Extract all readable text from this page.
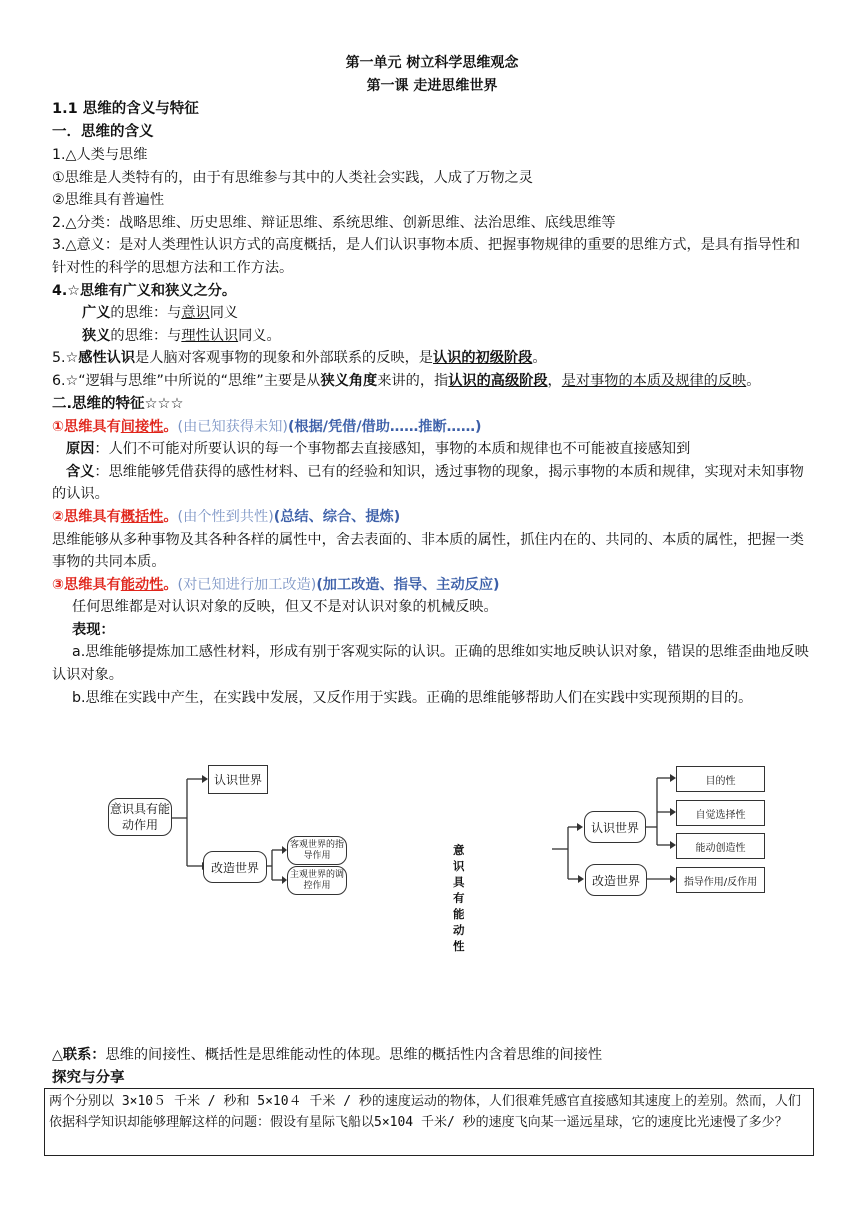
第一单元 树立科学思维观念
第一课 走进思维世界
1.1 思维的含义与特征
一．思维的含义
1.△人类与思维
①思维是人类特有的，由于有思维参与其中的人类社会实践，人成了万物之灵
②思维具有普遍性
2.△分类：战略思维、历史思维、辩证思维、系统思维、创新思维、法治思维、底线思维等
3.△意义：是对人类理性认识方式的高度概括，是人们认识事物本质、把握事物规律的重要的思维方式，是具有指导性和针对性的科学的思想方法和工作方法。
4.☆思维有广义和狭义之分。
广义的思维：与意识同义
狭义的思维：与理性认识同义。
5.☆感性认识是人脑对客观事物的现象和外部联系的反映，是认识的初级阶段。
6.☆“逻辑与思维”中所说的“思维”主要是从狭义角度来讲的，指认识的高级阶段，是对事物的本质及规律的反映。
二.思维的特征☆☆☆
①思维具有间接性。(由已知获得未知)(根据/凭借/借助……推断……)
原因：人们不可能对所要认识的每一个事物都去直接感知，事物的本质和规律也不可能被直接感知到
含义：思维能够凭借获得的感性材料、已有的经验和知识，透过事物的现象，揭示事物的本质和规律，实现对未知事物的认识。
②思维具有概括性。(由个性到共性)(总结、综合、提炼)
思维能够从多种事物及其各种各样的属性中，舍去表面的、非本质的属性，抓住内在的、共同的、本质的属性，把握一类事物的共同本质。
③思维具有能动性。(对已知进行加工改造)(加工改造、指导、主动反应)
任何思维都是对认识对象的反映，但又不是对认识对象的机械反映。
表现：
a.思维能够提炼加工感性材料，形成有别于客观实际的认识。正确的思维如实地反映认识对象，错误的思维歪曲地反映认识对象。
b.思维在实践中产生，在实践中发展，又反作用于实践。正确的思维能够帮助人们在实践中实现预期的目的。
意识具有能动作用
认识世界
改造世界
客观世界的指导作用
主观世界的调控作用
意识具有能动性
认识世界
改造世界
目的性
自觉选择性
能动创造性
指导作用/反作用
△联系：思维的间接性、概括性是思维能动性的体现。思维的概括性内含着思维的间接性
探究与分享
两个分别以 3×10５ 千米 / 秒和 5×10４ 千米 / 秒的速度运动的物体，人们很难凭感官直接感知其速度上的差别。然而，人们依据科学知识却能够理解这样的问题：假设有星际飞船以5×104 千米/ 秒的速度飞向某一遥远星球，它的速度比光速慢了多少？
